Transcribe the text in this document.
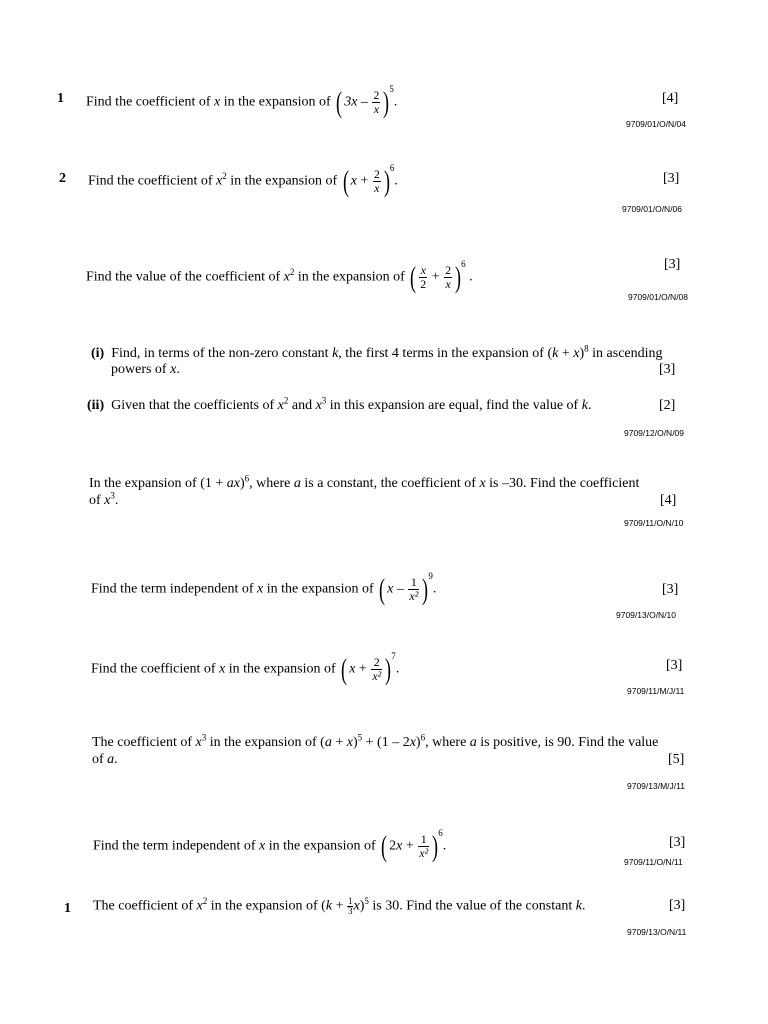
1 Find the coefficient of x in the expansion of ( $3x - \frac{2}{x} )^5$.	[4]
9709/01/O/N/04
2 Find the coefficient of $x^2$ in the expansion of ( $x + \frac{2}{x} )^6$.	[3]
9709/01/O/N/06
Find the value of the coefficient of $x^2$ in the expansion of ( $\frac{x}{2} + \frac{2}{x} )^6$ .
[3]
9709/01/O/N/08
(i) Find, in terms of the non-zero constant k, the first 4 terms in the expansion of $(k + x)^8$ in ascending
powers of x.	[3]
(ii) Given that the coefficients of $x^2$ and $x^3$ in this expansion are equal, find the value of k.	[2]
9709/12/O/N/09
In the expansion of (1 + ax)$^6$, where a is a constant, the coefficient of x is –30. Find the coefficient
of $x^3$.	[4]
9709/11/O/N/10
Find the term independent of x in the expansion of ( x – $\frac{1}{\text{x²}} )^9$.	[3]
9709/13/O/N/10
Find the coefficient of x in the expansion of ( $x + \frac{2}{\text{x²}} )^7$.	[3]
9709/11/M/J/11
The coefficient of $x^3$ in the expansion of $(a + x)^5 + (1 - 2x)^6$, where a is positive, is 90. Find the value
of a.	[5]
9709/13/M/J/11
Find the term independent of x in the expansion of ( $2x + \frac{1}{\text{x²}} )^6$.	[3]
9709/11/O/N/11
1 The coefficient of $x^2$ in the expansion of $(k + \frac{1}{3} x)^5$ is 30. Find the value of the constant k.	[3]
9709/13/O/N/11
